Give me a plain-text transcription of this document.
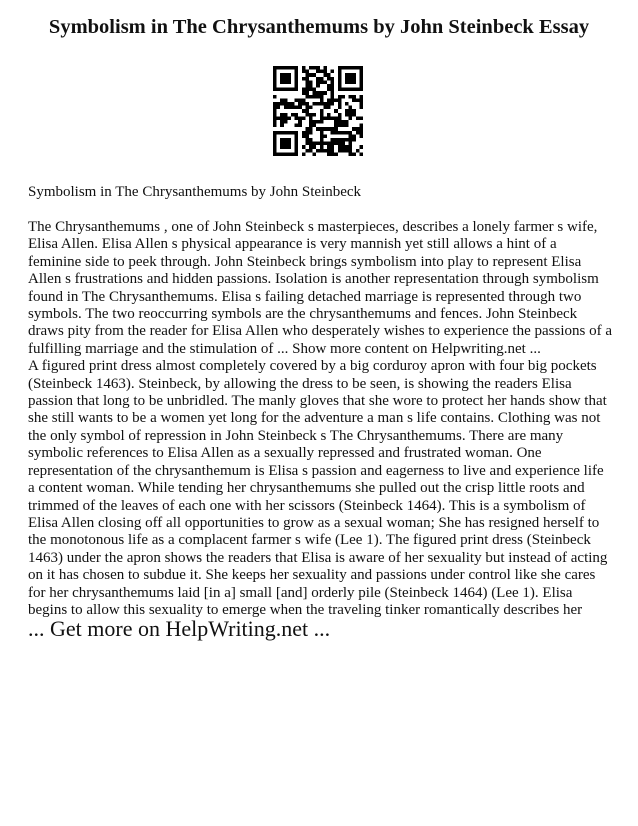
Symbolism in The Chrysanthemums by John Steinbeck Essay

Symbolism in The Chrysanthemums by John Steinbeck

The Chrysanthemums , one of John Steinbeck s masterpieces, describes a lonely farmer s wife, Elisa Allen. Elisa Allen s physical appearance is very mannish yet still allows a hint of a feminine side to peek through. John Steinbeck brings symbolism into play to represent Elisa Allen s frustrations and hidden passions. Isolation is another representation through symbolism found in The Chrysanthemums. Elisa s failing detached marriage is represented through two symbols. The two reoccurring symbols are the chrysanthemums and fences. John Steinbeck draws pity from the reader for Elisa Allen who desperately wishes to experience the passions of a fulfilling marriage and the stimulation of ... Show more content on Helpwriting.net ...

A figured print dress almost completely covered by a big corduroy apron with four big pockets (Steinbeck 1463). Steinbeck, by allowing the dress to be seen, is showing the readers Elisa passion that long to be unbridled. The manly gloves that she wore to protect her hands show that she still wants to be a women yet long for the adventure a man s life contains. Clothing was not the only symbol of repression in John Steinbeck s The Chrysanthemums. There are many symbolic references to Elisa Allen as a sexually repressed and frustrated woman. One representation of the chrysanthemum is Elisa s passion and eagerness to live and experience life a content woman. While tending her chrysanthemums she pulled out the crisp little roots and trimmed of the leaves of each one with her scissors (Steinbeck 1464). This is a symbolism of Elisa Allen closing off all opportunities to grow as a sexual woman; She has resigned herself to the monotonous life as a complacent farmer s wife (Lee 1). The figured print dress (Steinbeck 1463) under the apron shows the readers that Elisa is aware of her sexuality but instead of acting on it has chosen to subdue it. She keeps her sexuality and passions under control like she cares for her chrysanthemums laid [in a] small [and] orderly pile (Steinbeck 1464) (Lee 1). Elisa begins to allow this sexuality to emerge when the traveling tinker romantically describes her

... Get more on HelpWriting.net ...
